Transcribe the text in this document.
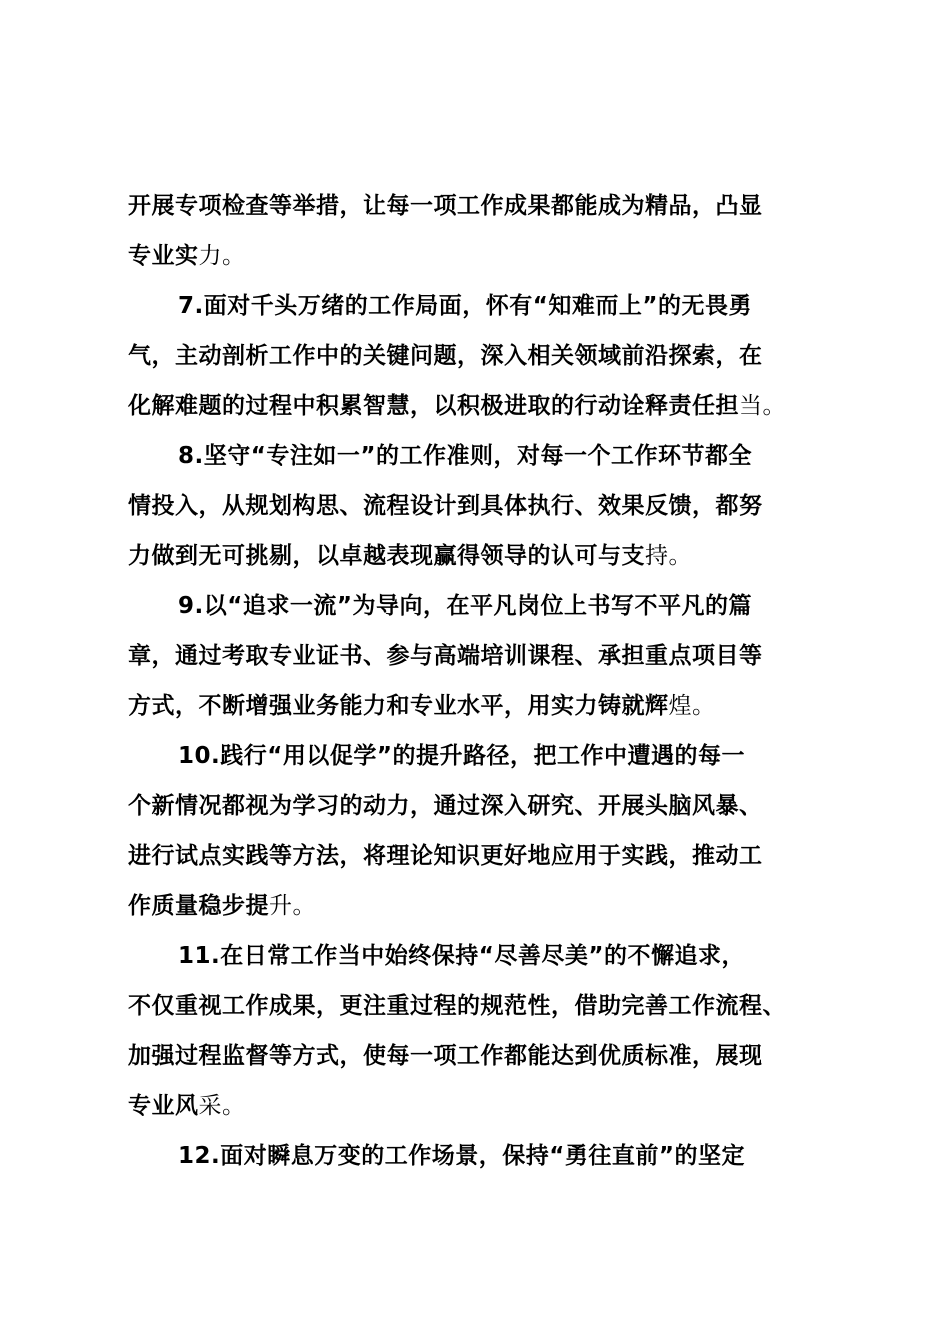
开展专项检查等举措，让每一项工作成果都能成为精品，凸显
专业实力。
7.面对千头万绪的工作局面，怀有“知难而上”的无畏勇
气，主动剖析工作中的关键问题，深入相关领域前沿探索，在
化解难题的过程中积累智慧，以积极进取的行动诠释责任担当。
8.坚守“专注如一”的工作准则，对每一个工作环节都全
情投入，从规划构思、流程设计到具体执行、效果反馈，都努
力做到无可挑剔，以卓越表现赢得领导的认可与支持。
9.以“追求一流”为导向，在平凡岗位上书写不平凡的篇
章，通过考取专业证书、参与高端培训课程、承担重点项目等
方式，不断增强业务能力和专业水平，用实力铸就辉煌。
10.践行“用以促学”的提升路径，把工作中遭遇的每一
个新情况都视为学习的动力，通过深入研究、开展头脑风暴、
进行试点实践等方法，将理论知识更好地应用于实践，推动工
作质量稳步提升。
11.在日常工作当中始终保持“尽善尽美”的不懈追求，
不仅重视工作成果，更注重过程的规范性，借助完善工作流程、
加强过程监督等方式，使每一项工作都能达到优质标准，展现
专业风采。
12.面对瞬息万变的工作场景，保持“勇往直前”的坚定
